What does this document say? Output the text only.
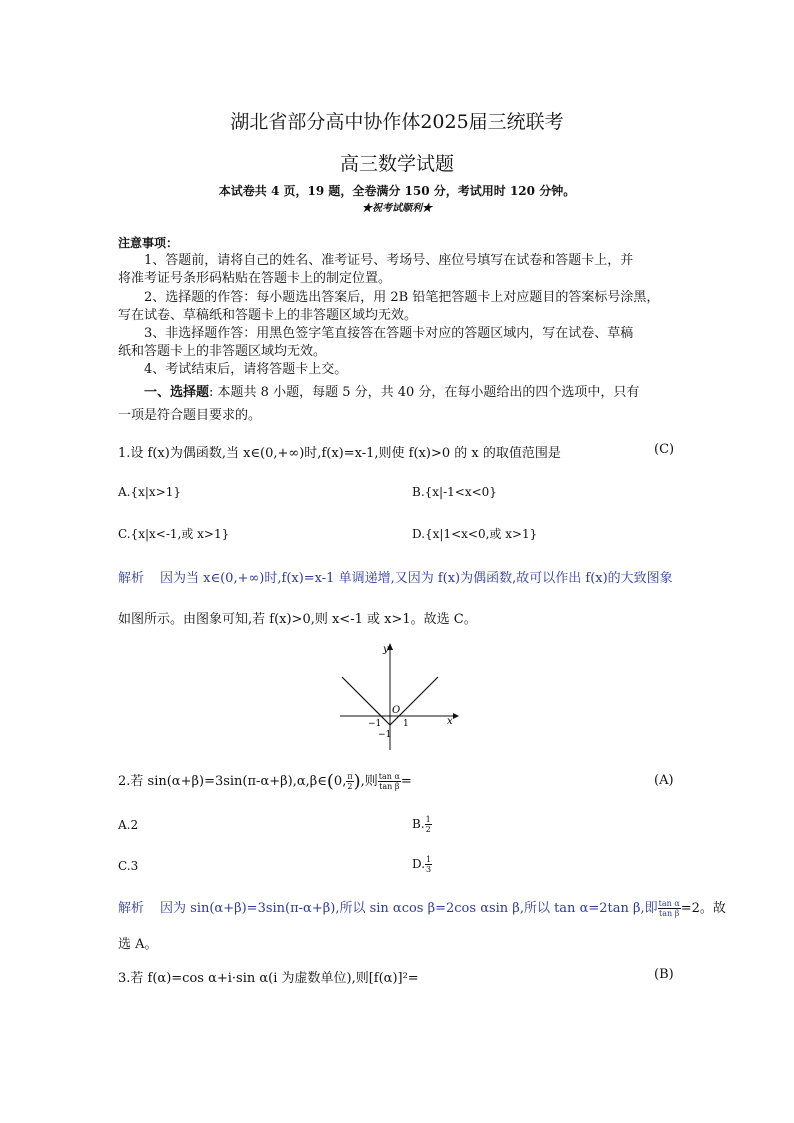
湖北省部分高中协作体2025届三统联考
高三数学试题
本试卷共 4 页，19 题，全卷满分 150 分，考试用时 120 分钟。
★祝考试顺利★
注意事项：
1、答题前，请将自己的姓名、准考证号、考场号、座位号填写在试卷和答题卡上，并
将准考证号条形码粘贴在答题卡上的制定位置。
2、选择题的作答：每小题选出答案后，用 2B 铅笔把答题卡上对应题目的答案标号涂黑，
写在试卷、草稿纸和答题卡上的非答题区域均无效。
3、非选择题作答：用黑色签字笔直接答在答题卡对应的答题区域内，写在试卷、草稿
纸和答题卡上的非答题区域均无效。
4、考试结束后，请将答题卡上交。
一、选择题: 本题共 8 小题，每题 5 分，共 40 分，在每小题给出的四个选项中，只有
一项是符合题目要求的。
1.设 f(x)为偶函数,当 x∈(0,+∞)时,f(x)=x-1,则使 f(x)>0 的 x 的取值范围是	(C)
A.{x|x>1}	B.{x|-1<x<0}
C.{x|x<-1,或 x>1}	D.{x|1<x<0,或 x>1}
解析 因为当 x∈(0,+∞)时,f(x)=x-1 单调递增,又因为 f(x)为偶函数,故可以作出 f(x)的大致图象
如图所示。由图象可知,若 f(x)>0,则 x<-1 或 x>1。故选 C。
y
x
O
−1 1
−1
2.若 sin(α+β)=3sin(π-α+β),α,β∈(0, $\frac{\pi}{2}$ ),则 $\frac{\text{tan α}}{\text{tan β}}$ =	(A)
A.2	B. $\frac{1}{2}$
C.3	D. $\frac{1}{3}$
解析 因为 sin(α+β)=3sin(π-α+β),所以 sin αcos β=2cos αsin β,所以 tan α=2tan β,即 $\frac{\text{tan α}}{\text{tan β}} =2$。故
选 A。
3.若 f(α)=cos α+i·sin α(i 为虚数单位),则[f(α)]²=	(B)
